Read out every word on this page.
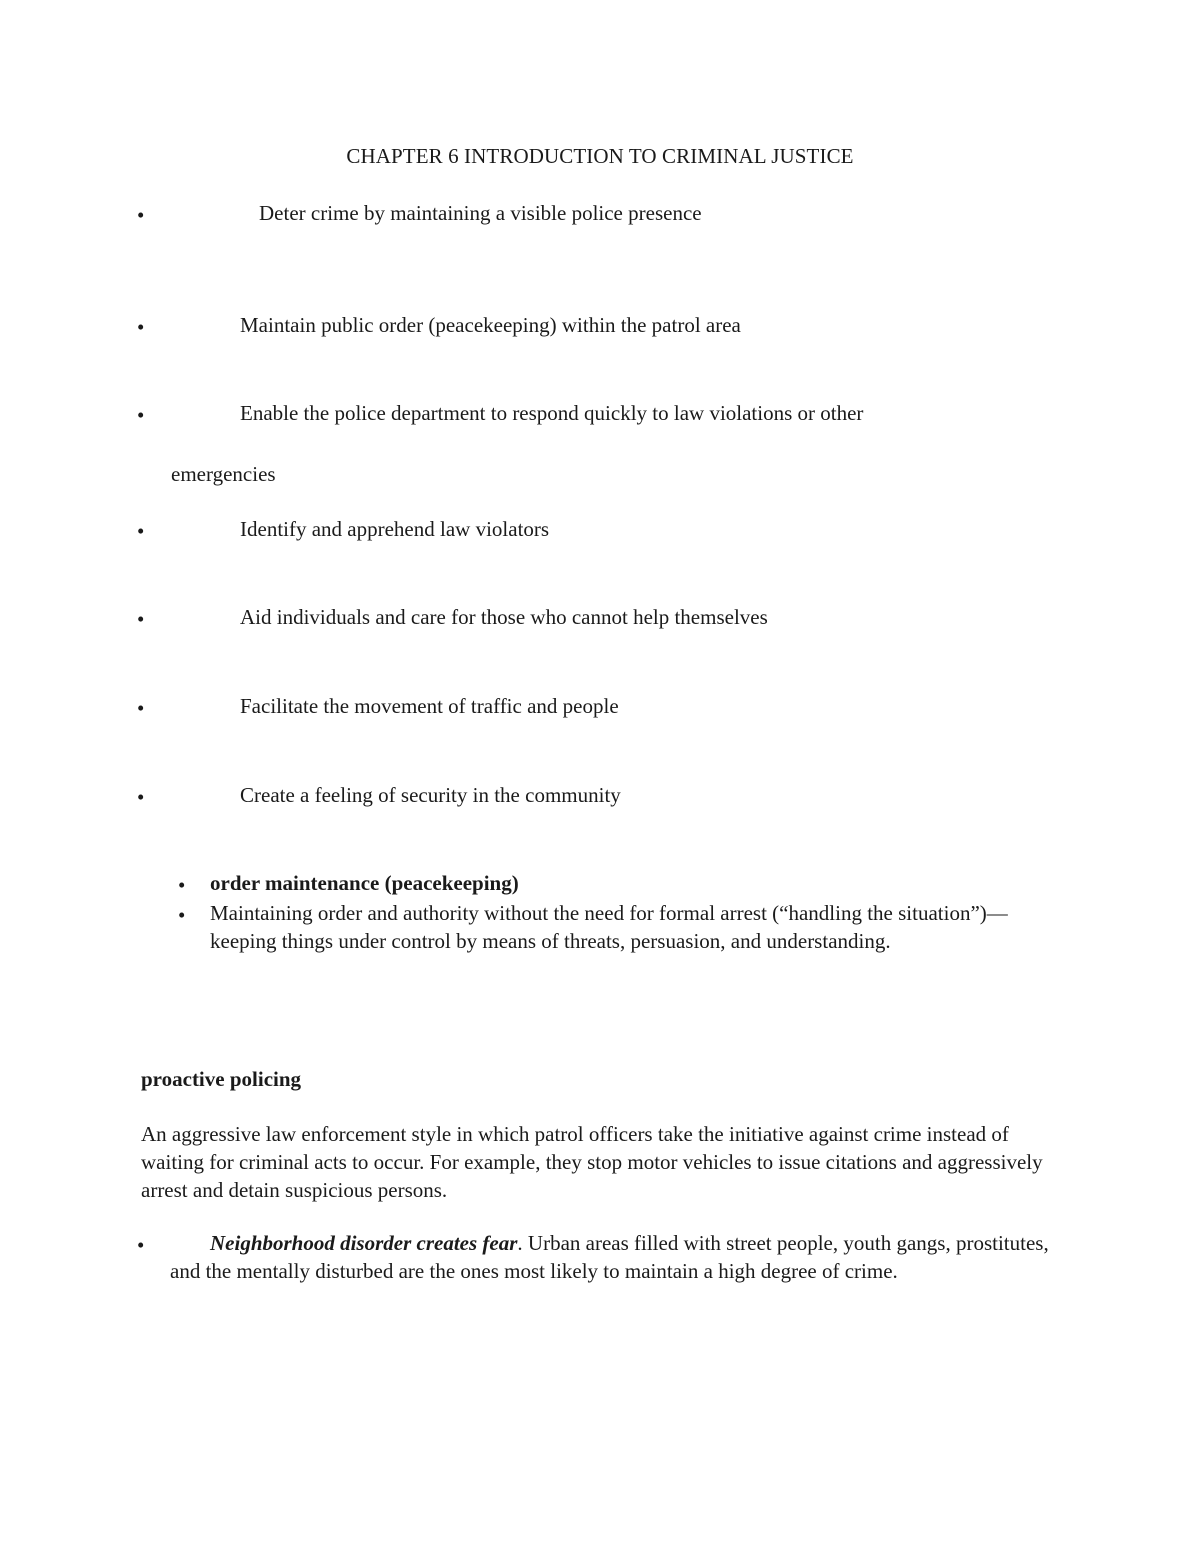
CHAPTER 6 INTRODUCTION TO CRIMINAL JUSTICE
•	Deter crime by maintaining a visible police presence
•	Maintain public order (peacekeeping) within the patrol area
•	Enable the police department to respond quickly to law violations or other
emergencies
•	Identify and apprehend law violators
•	Aid individuals and care for those who cannot help themselves
•	Facilitate the movement of traffic and people
•	Create a feeling of security in the community
• order maintenance (peacekeeping)
• Maintaining order and authority without the need for formal arrest (“handling the situation”)—keeping things under control by means of threats, persuasion, and understanding.
proactive policing
An aggressive law enforcement style in which patrol officers take the initiative against crime instead of waiting for criminal acts to occur. For example, they stop motor vehicles to issue citations and aggressively arrest and detain suspicious persons.
•	Neighborhood disorder creates fear. Urban areas filled with street people, youth gangs, prostitutes, and the mentally disturbed are the ones most likely to maintain a high degree of crime.
